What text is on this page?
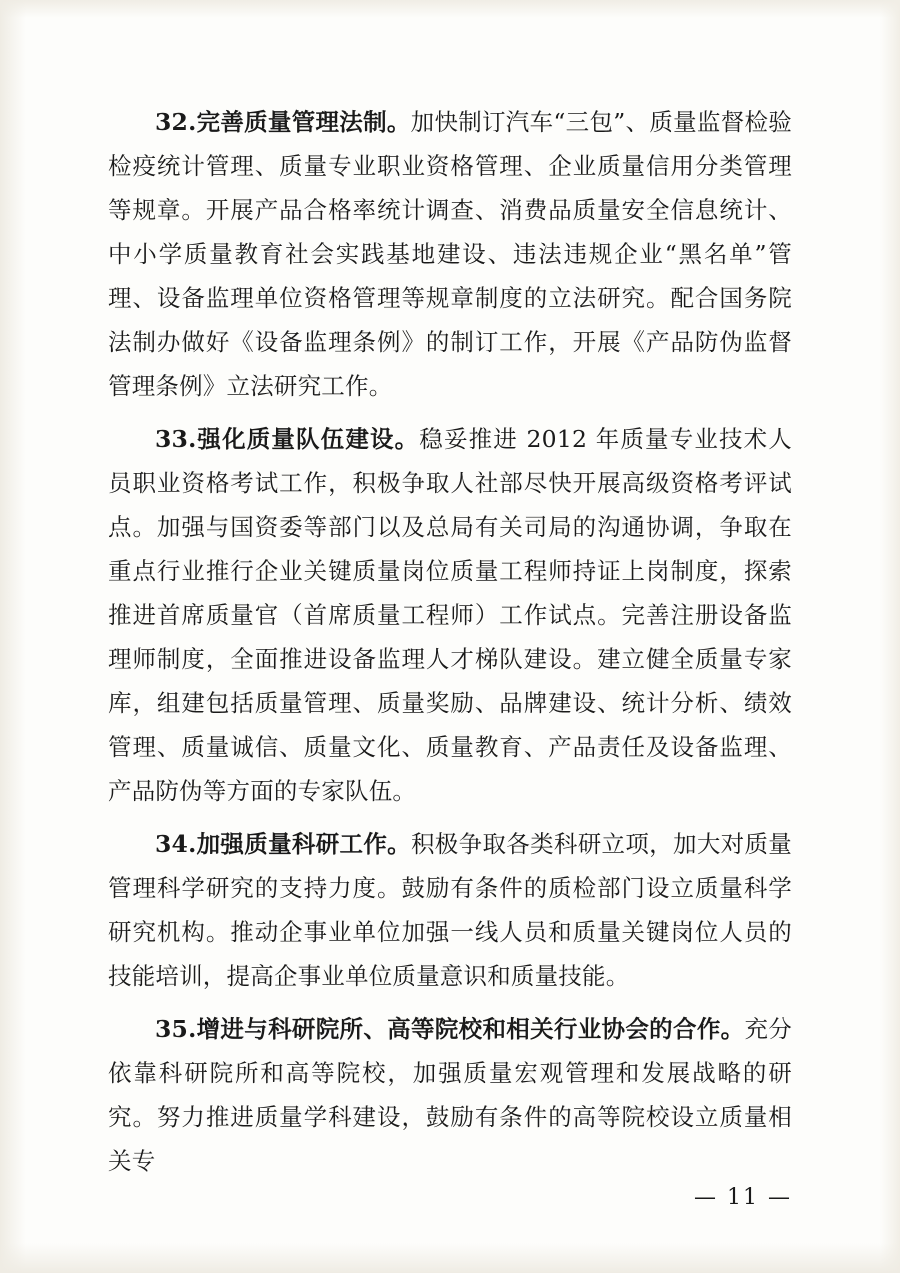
32.完善质量管理法制。加快制订汽车“三包”、质量监督检验检疫统计管理、质量专业职业资格管理、企业质量信用分类管理等规章。开展产品合格率统计调查、消费品质量安全信息统计、中小学质量教育社会实践基地建设、违法违规企业“黑名单”管理、设备监理单位资格管理等规章制度的立法研究。配合国务院法制办做好《设备监理条例》的制订工作，开展《产品防伪监督管理条例》立法研究工作。

33.强化质量队伍建设。稳妥推进 2012 年质量专业技术人员职业资格考试工作，积极争取人社部尽快开展高级资格考评试点。加强与国资委等部门以及总局有关司局的沟通协调，争取在重点行业推行企业关键质量岗位质量工程师持证上岗制度，探索推进首席质量官（首席质量工程师）工作试点。完善注册设备监理师制度，全面推进设备监理人才梯队建设。建立健全质量专家库，组建包括质量管理、质量奖励、品牌建设、统计分析、绩效管理、质量诚信、质量文化、质量教育、产品责任及设备监理、产品防伪等方面的专家队伍。

34.加强质量科研工作。积极争取各类科研立项，加大对质量管理科学研究的支持力度。鼓励有条件的质检部门设立质量科学研究机构。推动企事业单位加强一线人员和质量关键岗位人员的技能培训，提高企事业单位质量意识和质量技能。

35.增进与科研院所、高等院校和相关行业协会的合作。充分依靠科研院所和高等院校，加强质量宏观管理和发展战略的研究。努力推进质量学科建设，鼓励有条件的高等院校设立质量相关专

— 11 —
